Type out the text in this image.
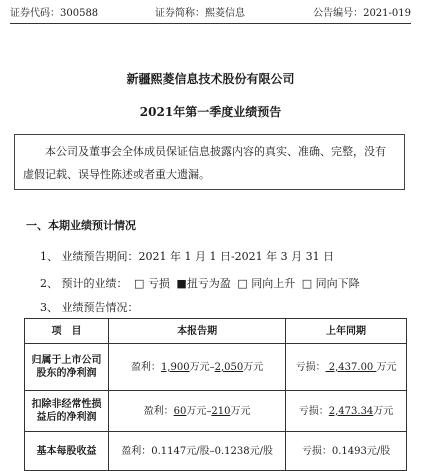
证券代码：300588	证券简称：熙菱信息	公告编号：2021-019
新疆熙菱信息技术股份有限公司
2021年第一季度业绩预告
本公司及董事会全体成员保证信息披露内容的真实、准确、完整，没有
虚假记载、误导性陈述或者重大遗漏。
一、本期业绩预计情况
1、 业绩预告期间：2021 年 1 月 1 日-2021 年 3 月 31 日
2、 预计的业绩： □ 亏损 ■扭亏为盈 □ 同向上升 □ 同向下降
3、 业绩预告情况：
项　目	本报告期	上年同期

归属于上市公司
股东的净利润	盈利：1,900万元–2,050万元	亏损： 2,437.00 万元

扣除非经常性损
益后的净利润	盈利：60万元–210万元	亏损：2,473.34万元
基本每股收益	盈利：0.1147元/股–0.1238元/股	亏损：0.1493元/股
